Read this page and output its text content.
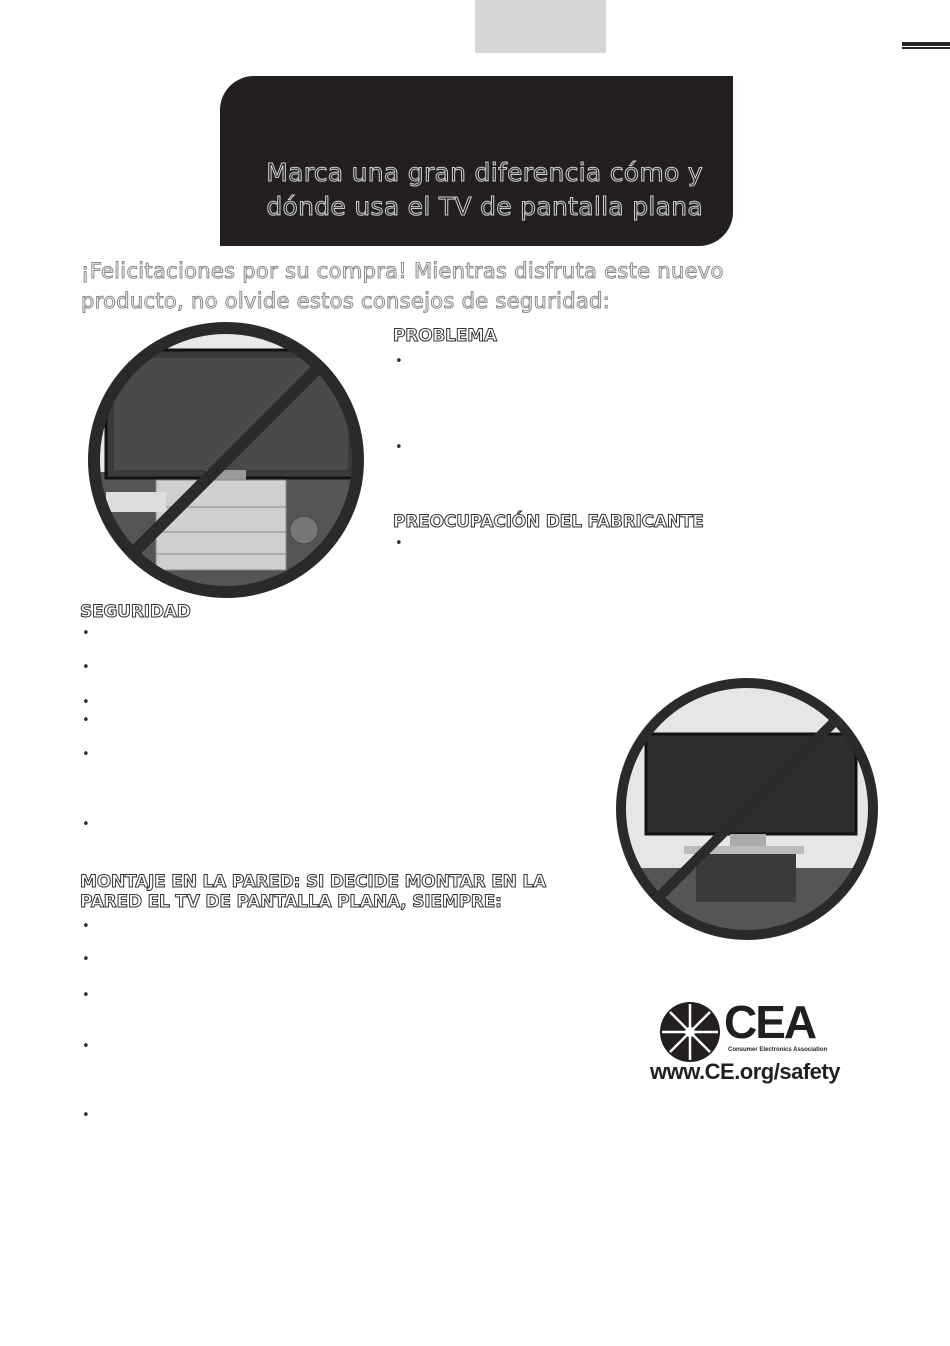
Marca una gran diferencia cómo y
dónde usa el TV de pantalla plana
¡Felicitaciones por su compra! Mientras disfruta este nuevo
producto, no olvide estos consejos de seguridad:
PROBLEMA
•
•
PREOCUPACIÓN DEL FABRICANTE
•
SEGURIDAD
•
•
•
•
•
•
MONTAJE EN LA PARED: SI DECIDE MONTAR EN LA
PARED EL TV DE PANTALLA PLANA, SIEMPRE:
•
•
•
•
•
CEA
Consumer Electronics Association
www.CE.org/safety
